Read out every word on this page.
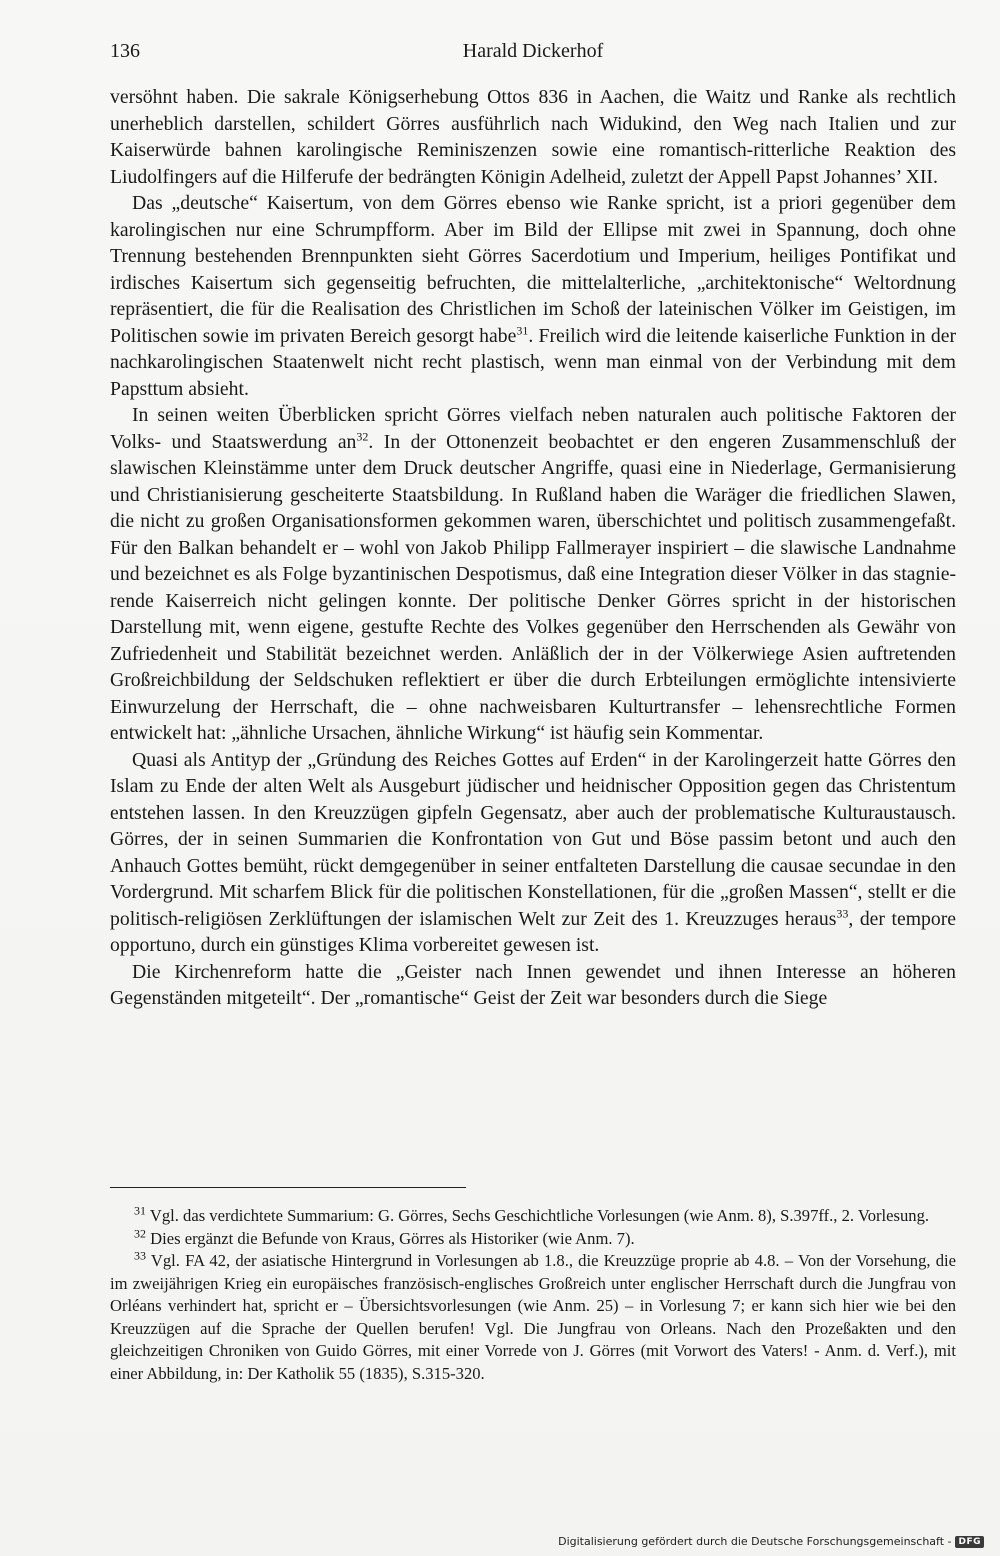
136	Harald Dickerhof

versöhnt haben. Die sakrale Königserhebung Ottos 836 in Aachen, die Waitz und Ranke als rechtlich unerheblich darstellen, schildert Görres ausführlich nach Widukind, den Weg nach Italien und zur Kaiserwürde bahnen karolingische Reminiszenzen sowie eine romantisch-ritterliche Reaktion des Liudolfingers auf die Hilferufe der bedrängten Königin Adelheid, zuletzt der Appell Papst Johannes’ XII.

Das „deutsche“ Kaisertum, von dem Görres ebenso wie Ranke spricht, ist a priori gegenüber dem karolingischen nur eine Schrumpfform. Aber im Bild der Ellipse mit zwei in Spannung, doch ohne Trennung bestehenden Brennpunkten sieht Görres Sacerdotium und Imperium, heiliges Pontifikat und irdisches Kaisertum sich gegenseitig befruchten, die mittelalterliche, „architektonische“ Weltordnung repräsentiert, die für die Realisation des Christlichen im Schoß der lateinischen Völker im Geistigen, im Politischen sowie im privaten Bereich gesorgt habe$^{31}$. Freilich wird die leitende kaiserliche Funktion in der nachkarolingischen Staatenwelt nicht recht plastisch, wenn man einmal von der Verbindung mit dem Papsttum absieht.

In seinen weiten Überblicken spricht Görres vielfach neben naturalen auch politische Faktoren der Volks- und Staatswerdung $an^{32}$. In der Ottonenzeit beobachtet er den engeren Zusammenschluß der slawischen Kleinstämme unter dem Druck deutscher Angriffe, quasi eine in Niederlage, Germanisierung und Christianisierung gescheiterte Staatsbildung. In Rußland haben die Waräger die friedlichen Slawen, die nicht zu großen Organisationsformen gekommen waren, überschichtet und politisch zusammengefaßt. Für den Balkan behandelt er – wohl von Jakob Philipp Fallmerayer inspiriert – die slawische Landnahme und bezeichnet es als Folge byzantinischen Despotismus, daß eine Integration dieser Völker in das stagnierende Kaiserreich nicht gelingen konnte. Der politische Denker Görres spricht in der historischen Darstellung mit, wenn eigene, gestufte Rechte des Volkes gegenüber den Herrschenden als Gewähr von Zufriedenheit und Stabilität bezeichnet werden. Anläßlich der in der Völkerwiege Asien auftretenden Großreichbildung der Seldschuken reflektiert er über die durch Erbteilungen ermöglichte intensivierte Einwurzelung der Herrschaft, die – ohne nachweisbaren Kulturtransfer – lehensrechtliche Formen entwickelt hat: „ähnliche Ursachen, ähnliche Wirkung“ ist häufig sein Kommentar.

Quasi als Antityp der „Gründung des Reiches Gottes auf Erden“ in der Karolingerzeit hatte Görres den Islam zu Ende der alten Welt als Ausgeburt jüdischer und heidnischer Opposition gegen das Christentum entstehen lassen. In den Kreuzzügen gipfeln Gegensatz, aber auch der problematische Kulturaustausch. Görres, der in seinen Summarien die Konfrontation von Gut und Böse passim betont und auch den Anhauch Gottes bemüht, rückt demgegenüber in seiner entfalteten Darstellung die causae secundae in den Vordergrund. Mit scharfem Blick für die politischen Konstellationen, für die „großen Massen“, stellt er die politisch-religiösen Zerklüftungen der islamischen Welt zur Zeit des 1. Kreuzzuges heraus$^{33}$, der tempore opportuno, durch ein günstiges Klima vorbereitet gewesen ist.

Die Kirchenreform hatte die „Geister nach Innen gewendet und ihnen Interesse an höheren Gegenständen mitgeteilt“. Der „romantische“ Geist der Zeit war besonders durch die Siege

$^{31}$ Vgl. das verdichtete Summarium: G. Görres, Sechs Geschichtliche Vorlesungen (wie Anm. 8), S.397ff., 2. Vorlesung.

$^{32}$ Dies ergänzt die Befunde von Kraus, Görres als Historiker (wie Anm. 7).

$^{33}$ Vgl. FA 42, der asiatische Hintergrund in Vorlesungen ab 1.8., die Kreuzzüge proprie ab 4.8. – Von der Vorsehung, die im zweijährigen Krieg ein europäisches französisch-englisches Großreich unter englischer Herrschaft durch die Jungfrau von Orléans verhindert hat, spricht er – Übersichtsvorlesungen (wie Anm. 25) – in Vorlesung 7; er kann sich hier wie bei den Kreuzzügen auf die Sprache der Quellen berufen! Vgl. Die Jungfrau von Orleans. Nach den Prozeßakten und den gleichzeitigen Chroniken von Guido Görres, mit einer Vorrede von J. Görres (mit Vorwort des Vaters! - Anm. d. Verf.), mit einer Abbildung, in: Der Katholik 55 (1835), S.315-320.

Digitalisierung gefördert durch die Deutsche Forschungsgemeinschaft - DFG
